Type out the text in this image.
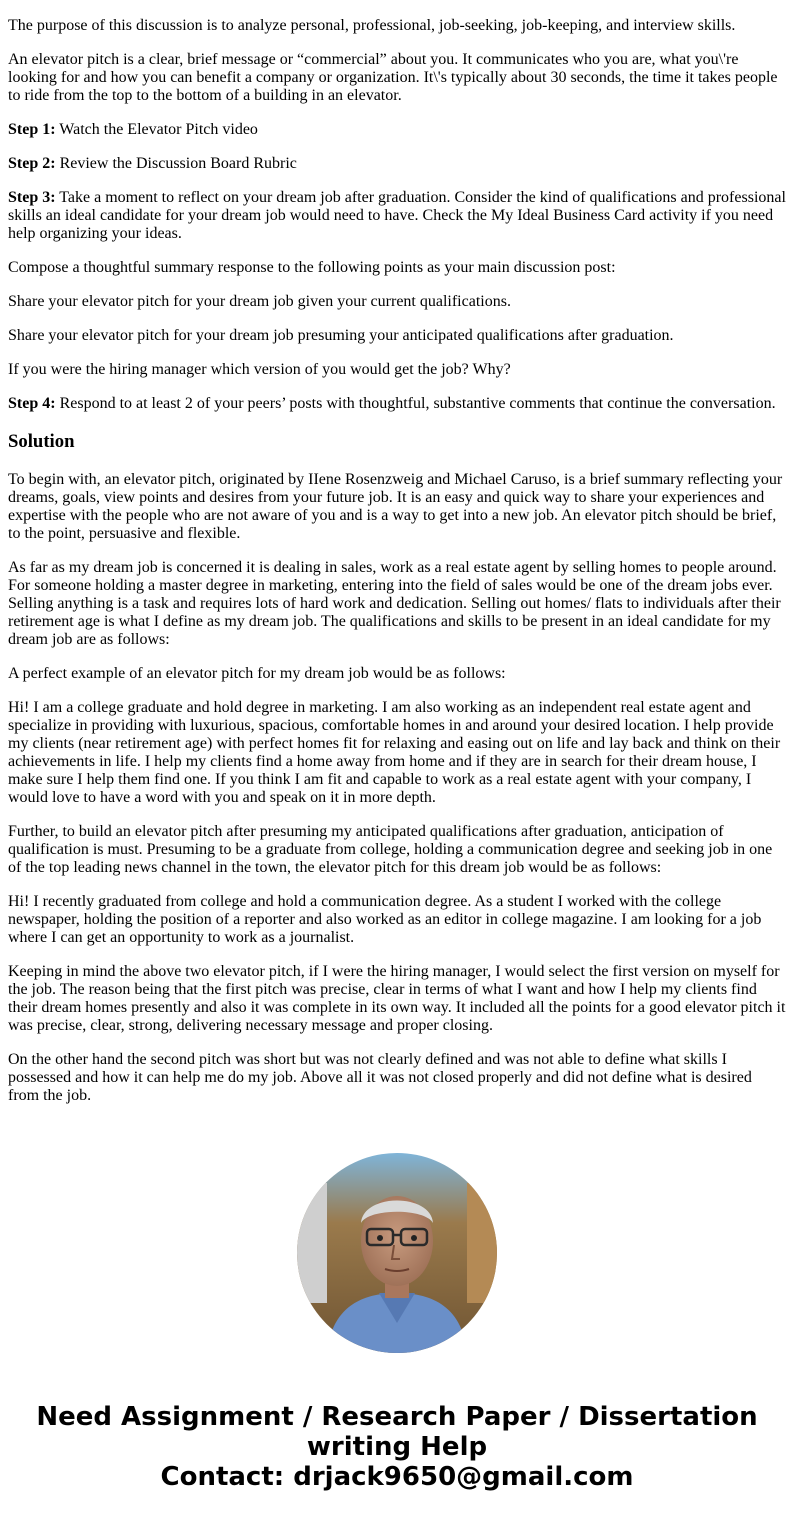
The purpose of this discussion is to analyze personal, professional, job-seeking, job-keeping, and interview skills.

An elevator pitch is a clear, brief message or “commercial” about you. It communicates who you are, what you\'re looking for and how you can benefit a company or organization. It\'s typically about 30 seconds, the time it takes people to ride from the top to the bottom of a building in an elevator.

Step 1: Watch the Elevator Pitch video

Step 2: Review the Discussion Board Rubric

Step 3: Take a moment to reflect on your dream job after graduation. Consider the kind of qualifications and professional skills an ideal candidate for your dream job would need to have. Check the My Ideal Business Card activity if you need help organizing your ideas.

Compose a thoughtful summary response to the following points as your main discussion post:

Share your elevator pitch for your dream job given your current qualifications.

Share your elevator pitch for your dream job presuming your anticipated qualifications after graduation.

If you were the hiring manager which version of you would get the job? Why?

Step 4: Respond to at least 2 of your peers’ posts with thoughtful, substantive comments that continue the conversation.

Solution

To begin with, an elevator pitch, originated by IIene Rosenzweig and Michael Caruso, is a brief summary reflecting your dreams, goals, view points and desires from your future job. It is an easy and quick way to share your experiences and expertise with the people who are not aware of you and is a way to get into a new job. An elevator pitch should be brief, to the point, persuasive and flexible.

As far as my dream job is concerned it is dealing in sales, work as a real estate agent by selling homes to people around. For someone holding a master degree in marketing, entering into the field of sales would be one of the dream jobs ever. Selling anything is a task and requires lots of hard work and dedication. Selling out homes/ flats to individuals after their retirement age is what I define as my dream job. The qualifications and skills to be present in an ideal candidate for my dream job are as follows:

A perfect example of an elevator pitch for my dream job would be as follows:

Hi! I am a college graduate and hold degree in marketing. I am also working as an independent real estate agent and specialize in providing with luxurious, spacious, comfortable homes in and around your desired location. I help provide my clients (near retirement age) with perfect homes fit for relaxing and easing out on life and lay back and think on their achievements in life. I help my clients find a home away from home and if they are in search for their dream house, I make sure I help them find one. If you think I am fit and capable to work as a real estate agent with your company, I would love to have a word with you and speak on it in more depth.

Further, to build an elevator pitch after presuming my anticipated qualifications after graduation, anticipation of qualification is must. Presuming to be a graduate from college, holding a communication degree and seeking job in one of the top leading news channel in the town, the elevator pitch for this dream job would be as follows:

Hi! I recently graduated from college and hold a communication degree. As a student I worked with the college newspaper, holding the position of a reporter and also worked as an editor in college magazine. I am looking for a job where I can get an opportunity to work as a journalist.

Keeping in mind the above two elevator pitch, if I were the hiring manager, I would select the first version on myself for the job. The reason being that the first pitch was precise, clear in terms of what I want and how I help my clients find their dream homes presently and also it was complete in its own way. It included all the points for a good elevator pitch it was precise, clear, strong, delivering necessary message and proper closing.

On the other hand the second pitch was short but was not clearly defined and was not able to define what skills I possessed and how it can help me do my job. Above all it was not closed properly and did not define what is desired from the job.

Need Assignment / Research Paper / Dissertation
writing Help
Contact: drjack9650@gmail.com
